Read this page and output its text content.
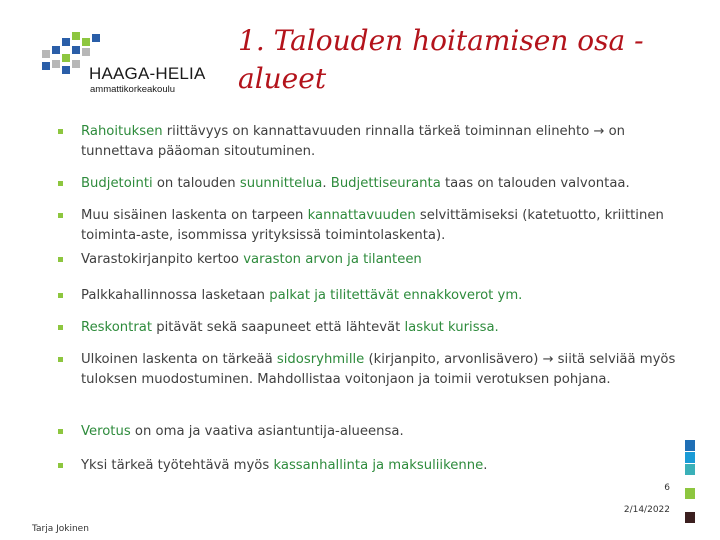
HAAGA-HELIA
ammattikorkeakoulu
1. Talouden hoitamisen osa -alueet
Rahoituksen riittävyys on kannattavuuden rinnalla tärkeä toiminnan elinehto → on tunnettava pääoman sitoutuminen.
Budjetointi on talouden suunnittelua. Budjettiseuranta taas on talouden valvontaa.
Muu sisäinen laskenta on tarpeen kannattavuuden selvittämiseksi (katetuotto, kriittinen toiminta-aste, isommissa yrityksissä toimintolaskenta).
Varastokirjanpito kertoo varaston arvon ja tilanteen
Palkkahallinnossa lasketaan palkat ja tilitettävät ennakkoverot ym.
Reskontrat pitävät sekä saapuneet että lähtevät laskut kurissa.
Ulkoinen laskenta on tärkeää sidosryhmille (kirjanpito, arvonlisävero) → siitä selviää myös tuloksen muodostuminen. Mahdollistaa voitonjaon ja toimii verotuksen pohjana.
Verotus on oma ja vaativa asiantuntija-alueensa.
Yksi tärkeä työtehtävä myös kassanhallinta ja maksuliikenne.
6
2/14/2022
Tarja Jokinen
